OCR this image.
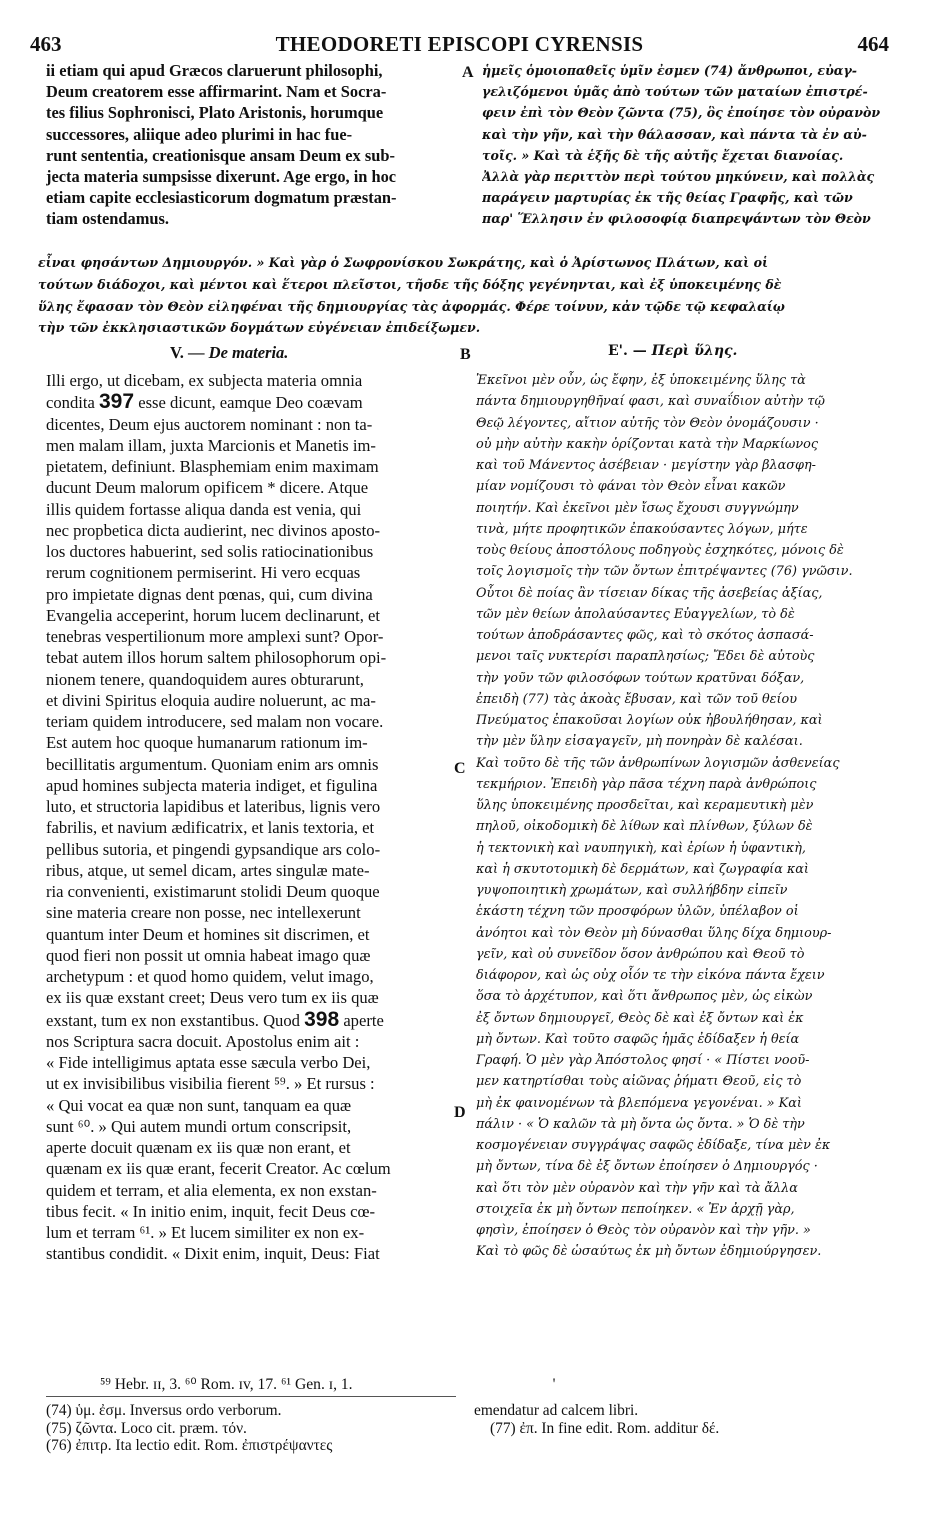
463	THEODORETI EPISCOPI CYRENSIS	464
ii etiam qui apud Græcos claruerunt philosophi,
Deum creatorem esse affirmarint. Nam et Socra-
tes filius Sophronisci, Plato Aristonis, horumque
successores, aliique adeo plurimi in hac fue-
runt sententia, creationisque ansam Deum ex sub-
jecta materia sumpsisse dixerunt. Age ergo, in hoc
etiam capite ecclesiasticorum dogmatum præstan-
tiam ostendamus.
A ἡμεῖς ὁμοιοπαθεῖς ὑμῖν ἐσμεν (74) ἄνθρωποι, εὐαγ-
γελιζόμενοι ὑμᾶς ἀπὸ τούτων τῶν ματαίων ἐπιστρέ-
φειν ἐπὶ τὸν Θεὸν ζῶντα (75), ὃς ἐποίησε τὸν οὐρανὸν
καὶ τὴν γῆν, καὶ τὴν θάλασσαν, καὶ πάντα τὰ ἐν αὐ-
τοῖς. » Καὶ τὰ ἑξῆς δὲ τῆς αὐτῆς ἔχεται διανοίας.
Ἀλλὰ γὰρ περιττὸν περὶ τούτου μηκύνειν, καὶ πολλὰς
παράγειν μαρτυρίας ἐκ τῆς θείας Γραφῆς, καὶ τῶν
παρ' Ἕλλησιν ἐν φιλοσοφίᾳ διαπρεψάντων τὸν Θεὸν
εἶναι φησάντων Δημιουργόν. » Καὶ γὰρ ὁ Σωφρονίσκου Σωκράτης, καὶ ὁ Ἀρίστωνος Πλάτων, καὶ οἱ
τούτων διάδοχοι, καὶ μέντοι καὶ ἕτεροι πλεῖστοι, τῆσδε τῆς δόξης γεγένηνται, καὶ ἐξ ὑποκειμένης δὲ
ὕλης ἔφασαν τὸν Θεὸν εἰληφέναι τῆς δημιουργίας τὰς ἀφορμάς. Φέρε τοίνυν, κἀν τῷδε τῷ κεφαλαίῳ
τὴν τῶν ἐκκλησιαστικῶν δογμάτων εὐγένειαν ἐπιδείξωμεν.
V. — De materia.	B	Ε'. — Περὶ ὕλης.
Illi ergo, ut dicebam, ex subjecta materia omnia
condita 397 esse dicunt, eamque Deo coævam
dicentes, Deum ejus auctorem nominant : non ta-
men malam illam, juxta Marcionis et Manetis im-
pietatem, definiunt. Blasphemiam enim maximam
ducunt Deum malorum opificem * dicere. Atque
illis quidem fortasse aliqua danda est venia, qui
nec propbetica dicta audierint, nec divinos aposto-
los ductores habuerint, sed solis ratiocinationibus
rerum cognitionem permiserint. Hi vero ecquas
pro impietate dignas dent pœnas, qui, cum divina
Evangelia acceperint, horum lucem declinarunt, et
tenebras vespertilionum more amplexi sunt? Opor-
tebat autem illos horum saltem philosophorum opi-
nionem tenere, quandoquidem aures obturarunt,
et divini Spiritus eloquia audire noluerunt, ac ma-
teriam quidem introducere, sed malam non vocare.
Est autem hoc quoque humanarum rationum im-
becillitatis argumentum. Quoniam enim ars omnis
apud homines subjecta materia indiget, et figulina
luto, et structoria lapidibus et lateribus, lignis vero
fabrilis, et navium ædificatrix, et lanis textoria, et
pellibus sutoria, et pingendi gypsandique ars colo-
ribus, atque, ut semel dicam, artes singulæ mate-
ria convenienti, existimarunt stolidi Deum quoque
sine materia creare non posse, nec intellexerunt
quantum inter Deum et homines sit discrimen, et
quod fieri non possit ut omnia habeat imago quæ
archetypum : et quod homo quidem, velut imago,
ex iis quæ exstant creet; Deus vero tum ex iis quæ
exstant, tum ex non exstantibus. Quod 398 aperte
nos Scriptura sacra docuit. Apostolus enim ait :
« Fide intelligimus aptata esse sæcula verbo Dei,
ut ex invisibilibus visibilia fierent ⁵⁹. » Et rursus :
« Qui vocat ea quæ non sunt, tanquam ea quæ
sunt ⁶⁰. » Qui autem mundi ortum conscripsit,
aperte docuit quænam ex iis quæ non erant, et
quænam ex iis quæ erant, fecerit Creator. Ac cœlum
quidem et terram, et alia elementa, ex non exstan-
tibus fecit. « In initio enim, inquit, fecit Deus cœ-
lum et terram ⁶¹. » Et lucem similiter ex non ex-
stantibus condidit. « Dixit enim, inquit, Deus: Fiat
C
D
Ἐκεῖνοι μὲν οὖν, ὡς ἔφην, ἐξ ὑποκειμένης ὕλης τὰ
πάντα δημιουργηθῆναί φασι, καὶ συναΐδιον αὐτὴν τῷ
Θεῷ λέγοντες, αἴτιον αὐτῆς τὸν Θεὸν ὀνομάζουσιν ·
οὐ μὴν αὐτὴν κακὴν ὁρίζονται κατὰ τὴν Μαρκίωνος
καὶ τοῦ Μάνεντος ἀσέβειαν · μεγίστην γὰρ βλασφη-
μίαν νομίζουσι τὸ φάναι τὸν Θεὸν εἶναι κακῶν
ποιητήν. Καὶ ἐκεῖνοι μὲν ἴσως ἔχουσι συγγνώμην
τινὰ, μήτε προφητικῶν ἐπακούσαντες λόγων, μήτε
τοὺς θείους ἀποστόλους ποδηγοὺς ἐσχηκότες, μόνοις δὲ
τοῖς λογισμοῖς τὴν τῶν ὄντων ἐπιτρέψαντες (76) γνῶσιν.
Οὗτοι δὲ ποίας ἂν τίσειαν δίκας τῆς ἀσεβείας ἀξίας,
τῶν μὲν θείων ἀπολαύσαντες Εὐαγγελίων, τὸ δὲ
τούτων ἀποδράσαντες φῶς, καὶ τὸ σκότος ἀσπασά-
μενοι ταῖς νυκτερίσι παραπλησίως; Ἔδει δὲ αὐτοὺς
τὴν γοῦν τῶν φιλοσόφων τούτων κρατῦναι δόξαν,
ἐπειδὴ (77) τὰς ἀκοὰς ἔβυσαν, καὶ τῶν τοῦ θείου
Πνεύματος ἐπακοῦσαι λογίων οὐκ ἠβουλήθησαν, καὶ
τὴν μὲν ὕλην εἰσαγαγεῖν, μὴ πονηρὰν δὲ καλέσαι.
Καὶ τοῦτο δὲ τῆς τῶν ἀνθρωπίνων λογισμῶν ἀσθενείας
τεκμήριον. Ἐπειδὴ γὰρ πᾶσα τέχνη παρὰ ἀνθρώποις
ὕλης ὑποκειμένης προσδεῖται, καὶ κεραμευτικὴ μὲν
πηλοῦ, οἰκοδομικὴ δὲ λίθων καὶ πλίνθων, ξύλων δὲ
ἡ τεκτονικὴ καὶ ναυπηγικὴ, καὶ ἐρίων ἡ ὑφαντικὴ,
καὶ ἡ σκυτοτομικὴ δὲ δερμάτων, καὶ ζωγραφία καὶ
γυψοποιητικὴ χρωμάτων, καὶ συλλήβδην εἰπεῖν
ἑκάστη τέχνη τῶν προσφόρων ὑλῶν, ὑπέλαβον οἱ
ἀνόητοι καὶ τὸν Θεὸν μὴ δύνασθαι ὕλης δίχα δημιουρ-
γεῖν, καὶ οὐ συνεῖδον ὅσον ἀνθρώπου καὶ Θεοῦ τὸ
διάφορον, καὶ ὡς οὐχ οἷόν τε τὴν εἰκόνα πάντα ἔχειν
ὅσα τὸ ἀρχέτυπον, καὶ ὅτι ἄνθρωπος μὲν, ὡς εἰκὼν
ἐξ ὄντων δημιουργεῖ, Θεὸς δὲ καὶ ἐξ ὄντων καὶ ἐκ
μὴ ὄντων. Καὶ τοῦτο σαφῶς ἡμᾶς ἐδίδαξεν ἡ θεία
Γραφή. Ὁ μὲν γὰρ Ἀπόστολος φησί · « Πίστει νοοῦ-
μεν κατηρτίσθαι τοὺς αἰῶνας ῥήματι Θεοῦ, εἰς τὸ
μὴ ἐκ φαινομένων τὰ βλεπόμενα γεγονέναι. » Καὶ
πάλιν · « Ὁ καλῶν τὰ μὴ ὄντα ὡς ὄντα. » Ὁ δὲ τὴν
κοσμογένειαν συγγράψας σαφῶς ἐδίδαξε, τίνα μὲν ἐκ
μὴ ὄντων, τίνα δὲ ἐξ ὄντων ἐποίησεν ὁ Δημιουργός ·
καὶ ὅτι τὸν μὲν οὐρανὸν καὶ τὴν γῆν καὶ τὰ ἄλλα
στοιχεῖα ἐκ μὴ ὄντων πεποίηκεν. « Ἐν ἀρχῇ γὰρ,
φησὶν, ἐποίησεν ὁ Θεὸς τὸν οὐρανὸν καὶ τὴν γῆν. »
Καὶ τὸ φῶς δὲ ὡσαύτως ἐκ μὴ ὄντων ἐδημιούργησεν.
⁵⁹ Hebr. ɪɪ, 3. ⁶⁰ Rom. ɪv, 17. ⁶¹ Gen. ɪ, 1.	'
(74) ὑμ. ἐσμ. Inversus ordo verborum.
(75) ζῶντα. Loco cit. præm. τόν.
(76) ἐπιτρ. Ita lectio edit. Rom. ἐπιστρέψαντες
emendatur ad calcem libri.
(77) ἐπ. In fine edit. Rom. additur δέ.
